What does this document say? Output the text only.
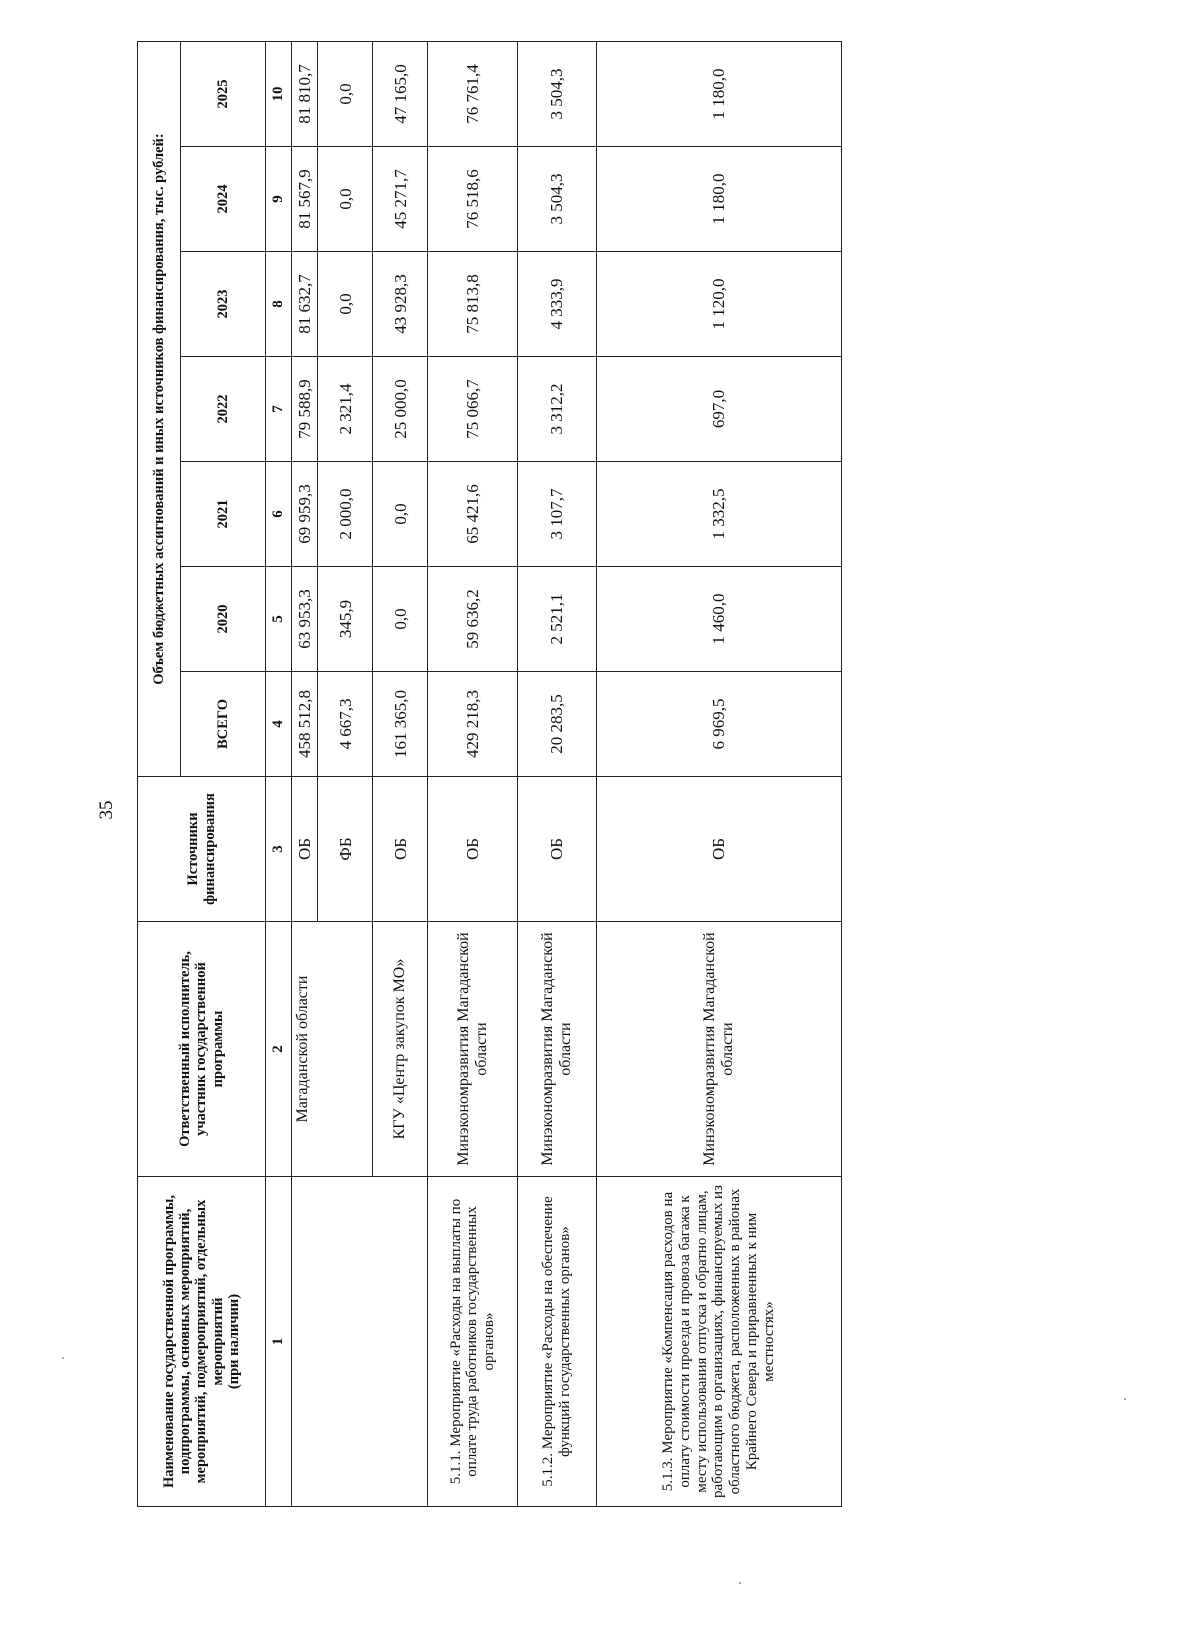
35
Наименование государственной программы, подпрограммы, основных мероприятий, мероприятий, подмероприятий, отдельных мероприятий
(при наличии)	Ответственный исполнитель, участник государственной программы	Источники финансирования	Объем бюджетных ассигнований и иных источников финансирования, тыс. рублей:						
			ВСЕГО	2020	2021	2022	2023	2024	2025
1	2	3	4	5	6	7	8	9	10
	Магаданской области	ОБ	458 512,8	63 953,3	69 959,3	79 588,9	81 632,7	81 567,9	81 810,7
		ФБ	4 667,3	345,9	2 000,0	2 321,4	0,0	0,0	0,0
	КГУ «Центр закупок МО»	ОБ	161 365,0	0,0	0,0	25 000,0	43 928,3	45 271,7	47 165,0
5.1.1. Мероприятие «Расходы на выплаты по оплате труда работников государственных органов»	Минэкономразвития Магаданской области	ОБ	429 218,3	59 636,2	65 421,6	75 066,7	75 813,8	76 518,6	76 761,4
5.1.2. Мероприятие «Расходы на обеспечение функций государственных органов»	Минэкономразвития Магаданской области	ОБ	20 283,5	2 521,1	3 107,7	3 312,2	4 333,9	3 504,3	3 504,3
5.1.3. Мероприятие «Компенсация расходов на оплату стоимости проезда и провоза багажа к месту использования отпуска и обратно лицам, работающим в организациях, финансируемых из областного бюджета, расположенных в районах Крайнего Севера и приравненных к ним местностях»	Минэкономразвития Магаданской области	ОБ	6 969,5	1 460,0	1 332,5	697,0	1 120,0	1 180,0	1 180,0
